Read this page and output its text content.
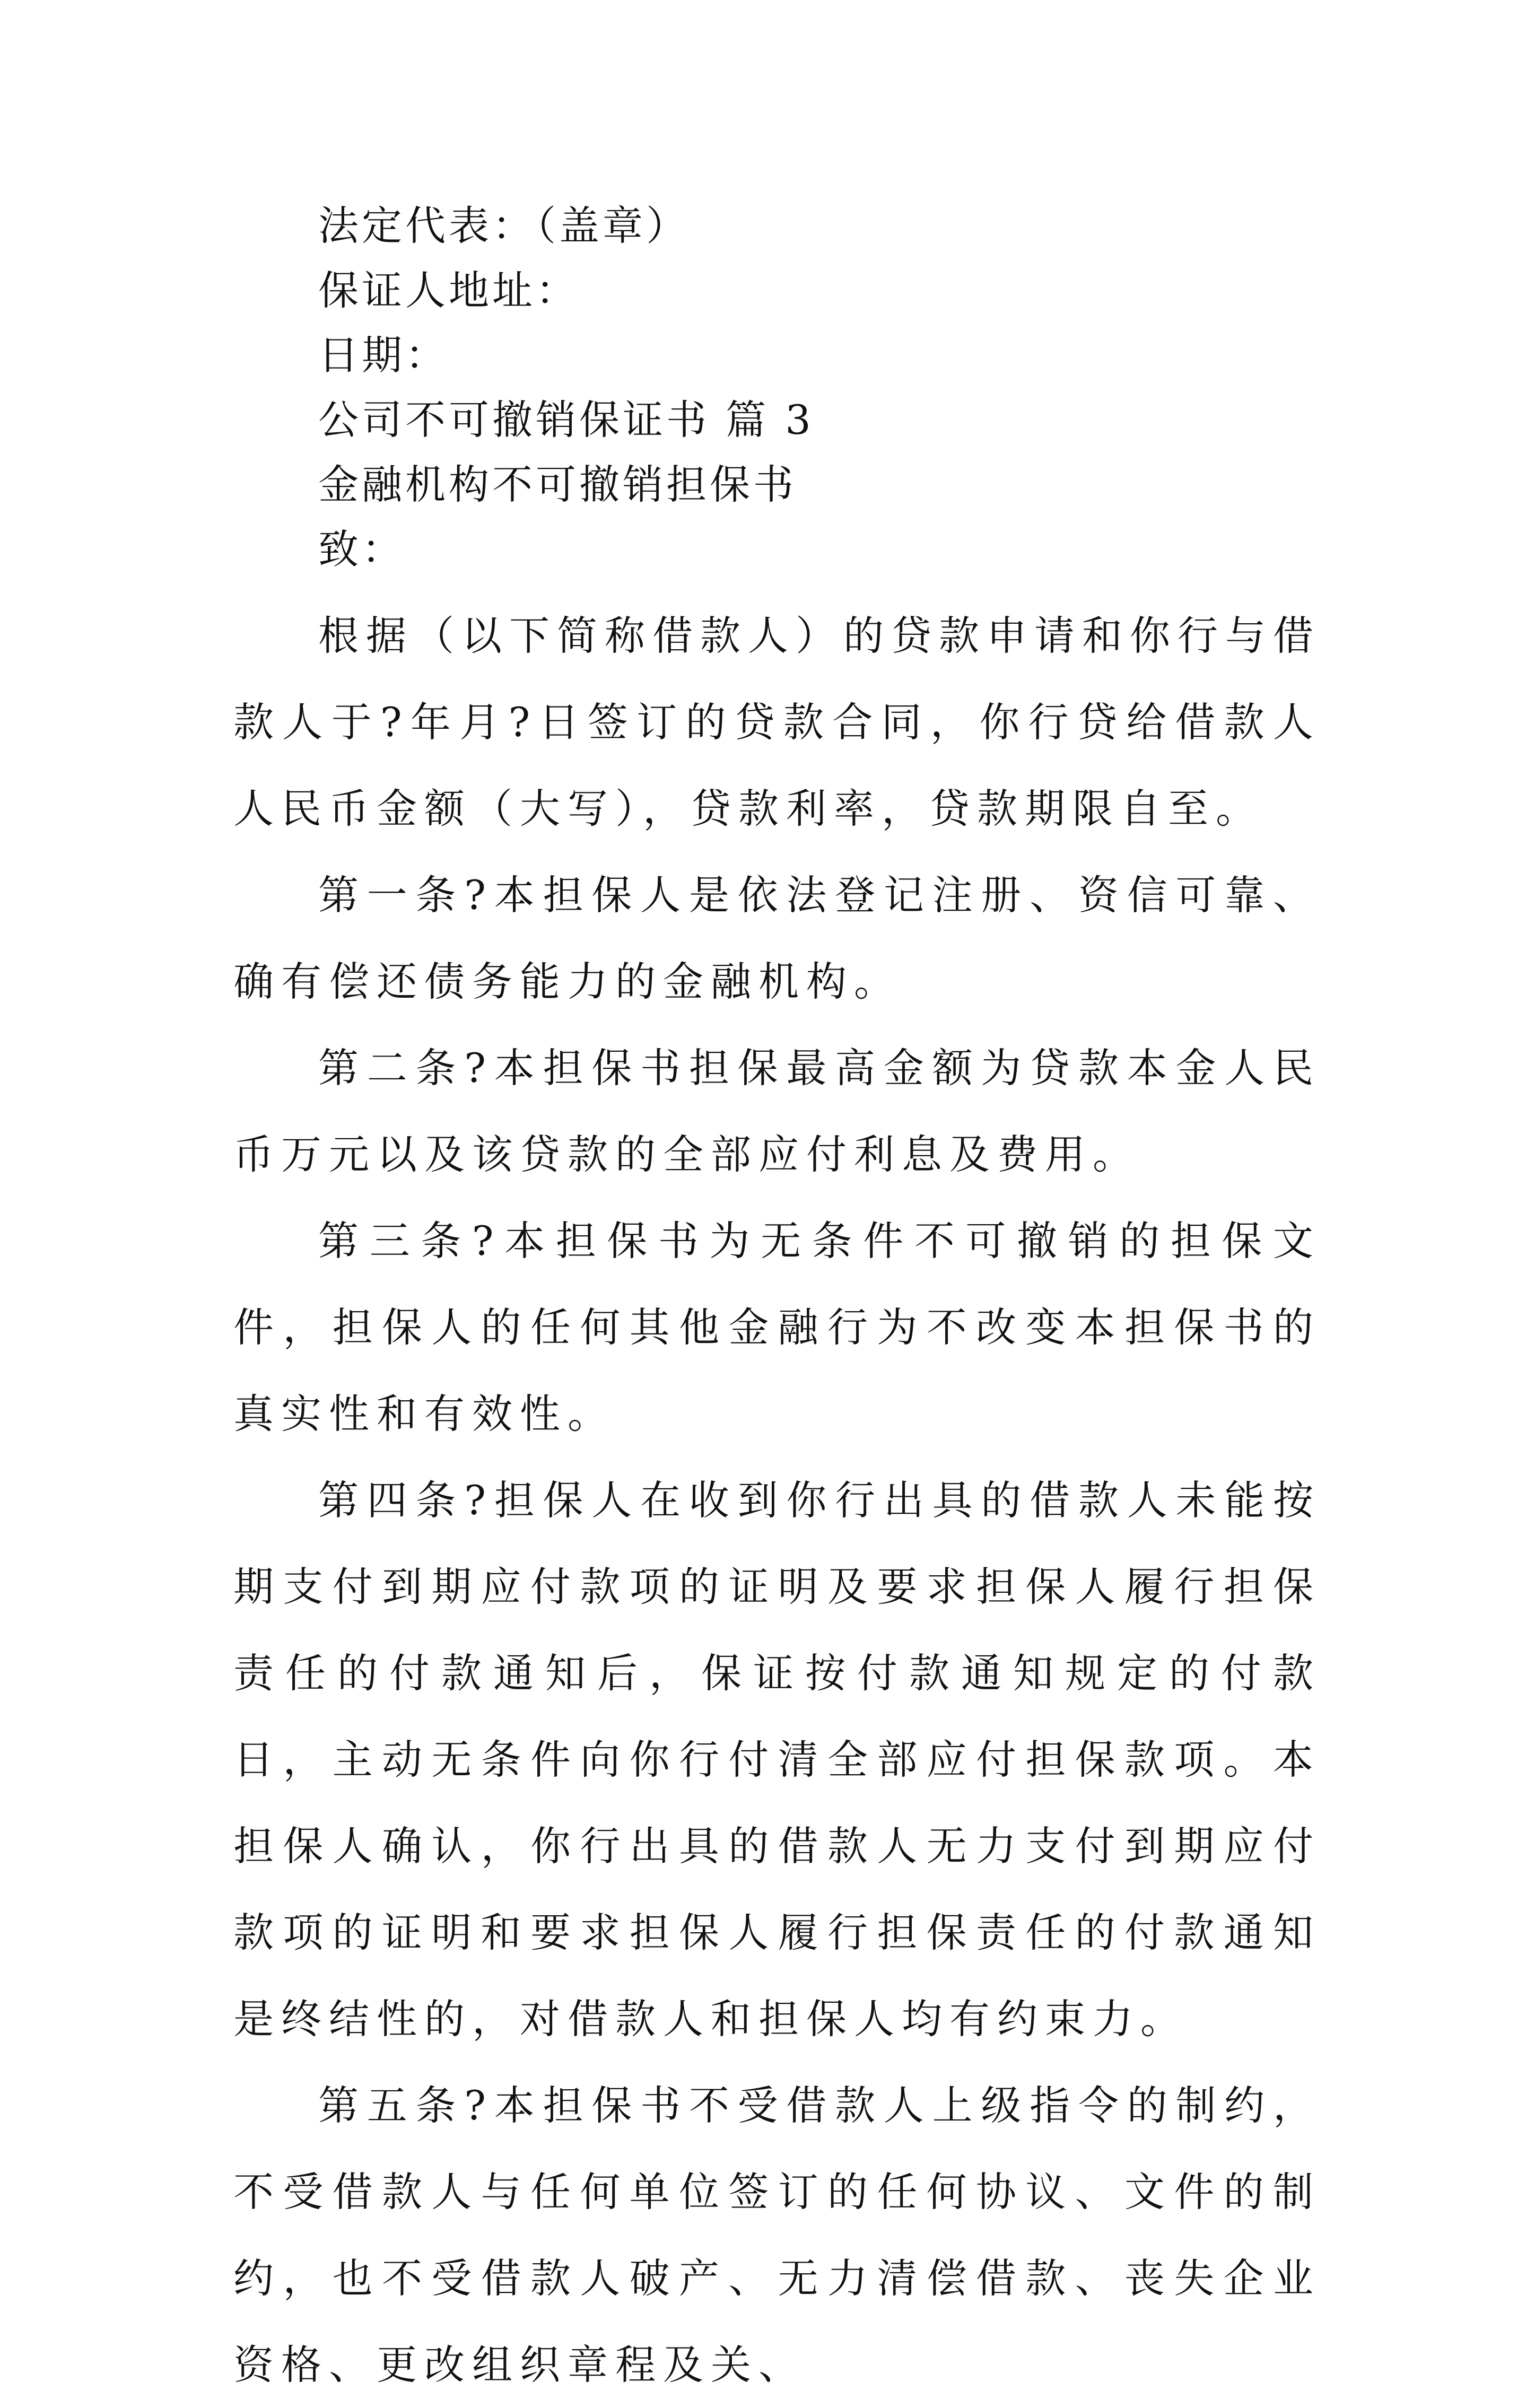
法定代表：（盖章）
保证人地址：
日期：
公司不可撤销保证书 篇 3
金融机构不可撤销担保书
致：

根据（以下简称借款人）的贷款申请和你行与借款人于?年月?日签订的贷款合同，你行贷给借款人人民币金额（大写），贷款利率，贷款期限自至。

第一条?本担保人是依法登记注册、资信可靠、确有偿还债务能力的金融机构。

第二条?本担保书担保最高金额为贷款本金人民币万元以及该贷款的全部应付利息及费用。

第三条?本担保书为无条件不可撤销的担保文件，担保人的任何其他金融行为不改变本担保书的真实性和有效性。

第四条?担保人在收到你行出具的借款人未能按期支付到期应付款项的证明及要求担保人履行担保责任的付款通知后，保证按付款通知规定的付款日，主动无条件向你行付清全部应付担保款项。本担保人确认，你行出具的借款人无力支付到期应付款项的证明和要求担保人履行担保责任的付款通知是终结性的，对借款人和担保人均有约束力。

第五条?本担保书不受借款人上级指令的制约，不受借款人与任何单位签订的任何协议、文件的制约，也不受借款人破产、无力清偿借款、丧失企业资格、更改组织章程及关、
